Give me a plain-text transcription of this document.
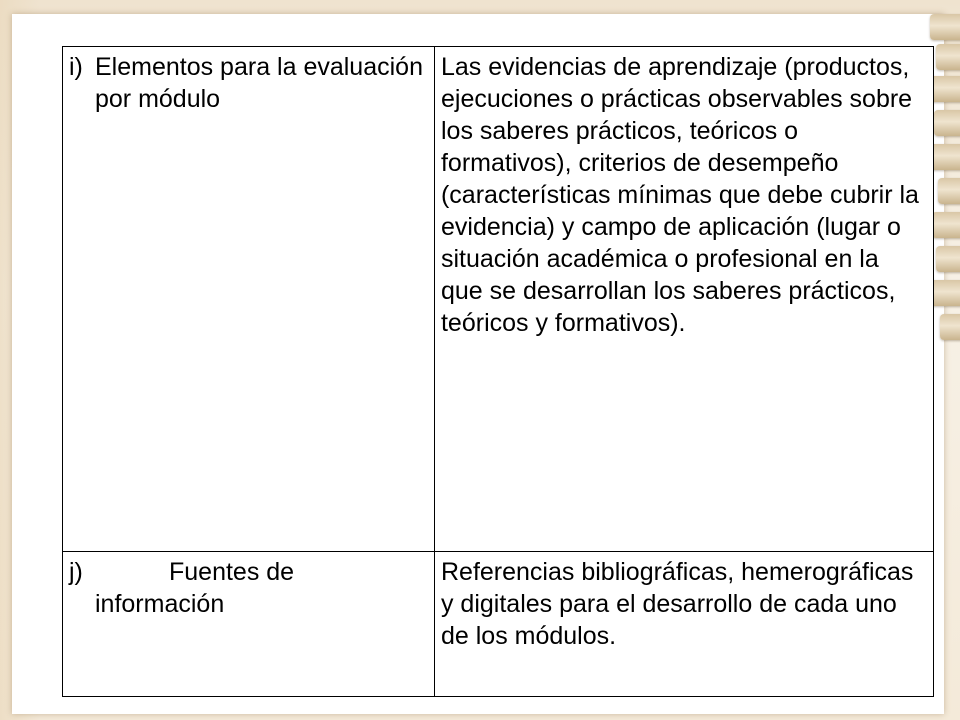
i) Elementos para la evaluación por módulo	Las evidencias de aprendizaje (productos, ejecuciones o prácticas observables sobre los saberes prácticos, teóricos o formativos), criterios de desempeño (características mínimas que debe cubrir la evidencia) y campo de aplicación (lugar o situación académica o profesional en la que se desarrollan los saberes prácticos, teóricos y formativos).

j) Fuentes de
información	Referencias bibliográficas, hemerográficas y digitales para el desarrollo de cada uno de los módulos.
